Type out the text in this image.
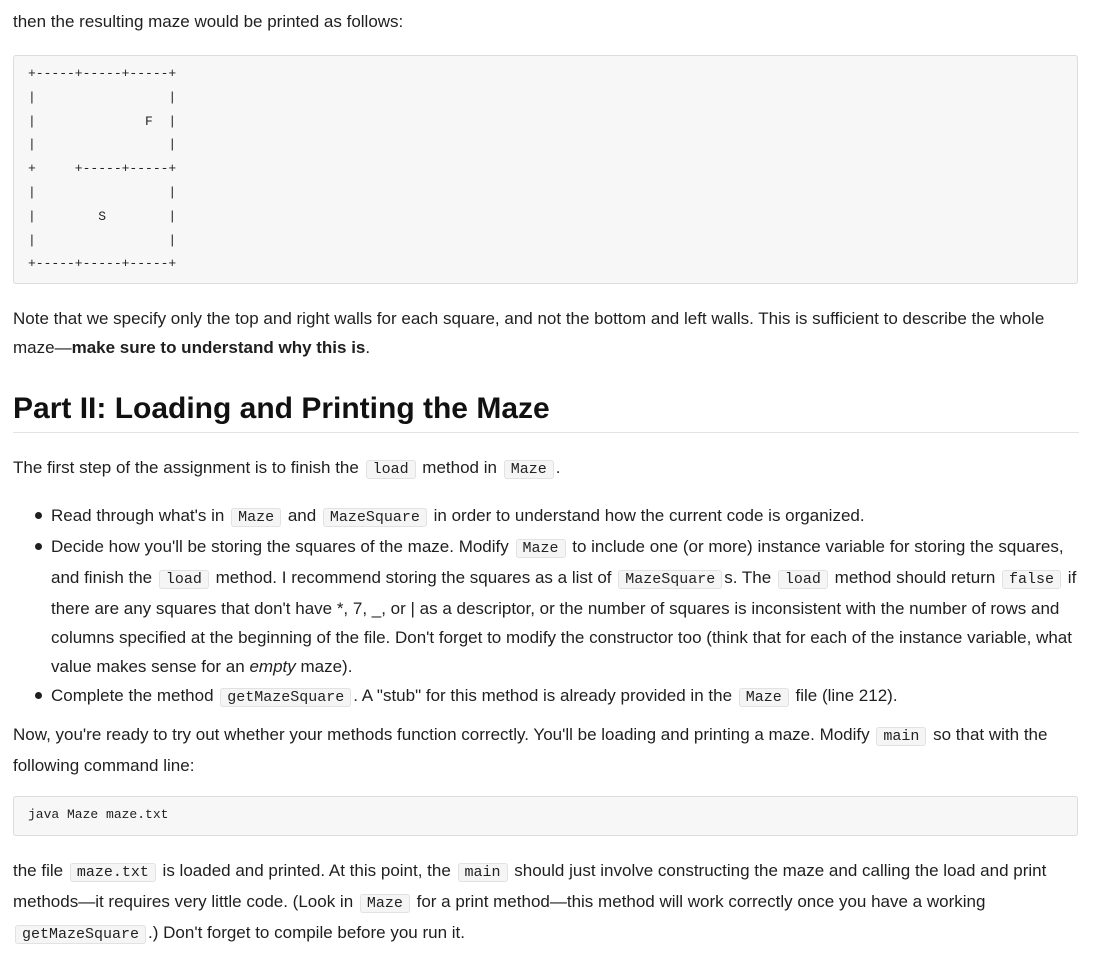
then the resulting maze would be printed as follows:

+-----+-----+-----+
|                 |
|              F  |
|                 |
+     +-----+-----+
|                 |
|        S        |
|                 |
+-----+-----+-----+

Note that we specify only the top and right walls for each square, and not the bottom and left walls. This is sufficient to describe the whole maze—make sure to understand why this is.

Part II: Loading and Printing the Maze

The first step of the assignment is to finish the load method in Maze .

Read through what's in Maze and MazeSquare in order to understand how the current code is organized.
Decide how you'll be storing the squares of the maze. Modify Maze to include one (or more) instance variable for storing the squares, and finish the load method. I recommend storing the squares as a list of MazeSquare s. The load method should return false if there are any squares that don't have *, 7, _, or | as a descriptor, or the number of squares is inconsistent with the number of rows and columns specified at the beginning of the file. Don't forget to modify the constructor too (think that for each of the instance variable, what value makes sense for an empty maze).
Complete the method getMazeSquare . A "stub" for this method is already provided in the Maze file (line 212).

Now, you're ready to try out whether your methods function correctly. You'll be loading and printing a maze. Modify main so that with the following command line:

java Maze maze.txt

the file maze.txt is loaded and printed. At this point, the main should just involve constructing the maze and calling the load and print methods—it requires very little code. (Look in Maze for a print method—this method will work correctly once you have a working getMazeSquare .) Don't forget to compile before you run it.
